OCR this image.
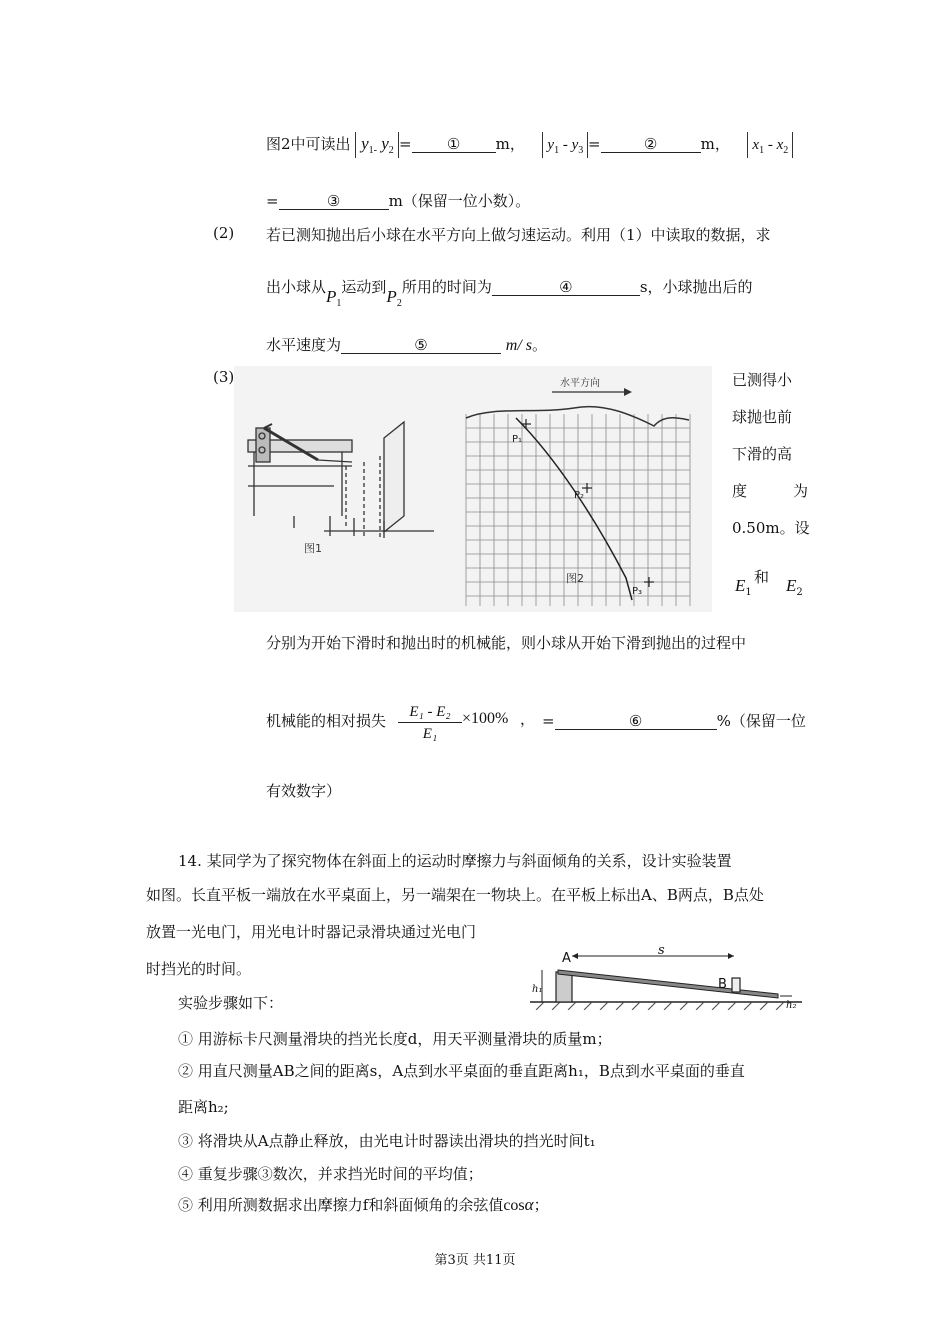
图2中可读出 $y_{1-}$ $y_2$ = ① m， $y_1 - y_3$ =	②	m， $x_1 - x_2$
=	③	m（保留一位小数）。
(2) 若已测知抛出后小球在水平方向上做匀速运动。利用（1）中读取的数据，求
出小球从$P_1$运动到$P_2$所用的时间为	④	s，小球抛出后的
水平速度为	⑤	m/ s。
(3)
图1
水平方向
P₁
P₂
P₃
图2
已测得小
球抛也前
下滑的高
度	为
0.50m。设
$E_1$
和 $E_2$
分别为开始下滑时和抛出时的机械能，则小球从开始下滑到抛出的过程中
机械能的相对损失 $\frac{\text{E₁ - E₂}}{\text{E₁}} \times 100\%$ ， =	⑥	%（保留一位
有效数字）
14. 某同学为了探究物体在斜面上的运动时摩擦力与斜面倾角的关系，设计实验装置
如图。长直平板一端放在水平桌面上，另一端架在一物块上。在平板上标出A、B两点，B点处
放置一光电门，用光电计时器记录滑块通过光电门
时挡光的时间。
A
B
s
h₁
h₂
实验步骤如下：
① 用游标卡尺测量滑块的挡光长度d，用天平测量滑块的质量m；
② 用直尺测量AB之间的距离s，A点到水平桌面的垂直距离h₁，B点到水平桌面的垂直
距离h₂;
③ 将滑块从A点静止释放，由光电计时器读出滑块的挡光时间t₁
④ 重复步骤③数次，并求挡光时间的平均值；
⑤ 利用所测数据求出摩擦力f和斜面倾角的余弦值cosα；
第3页 共11页
